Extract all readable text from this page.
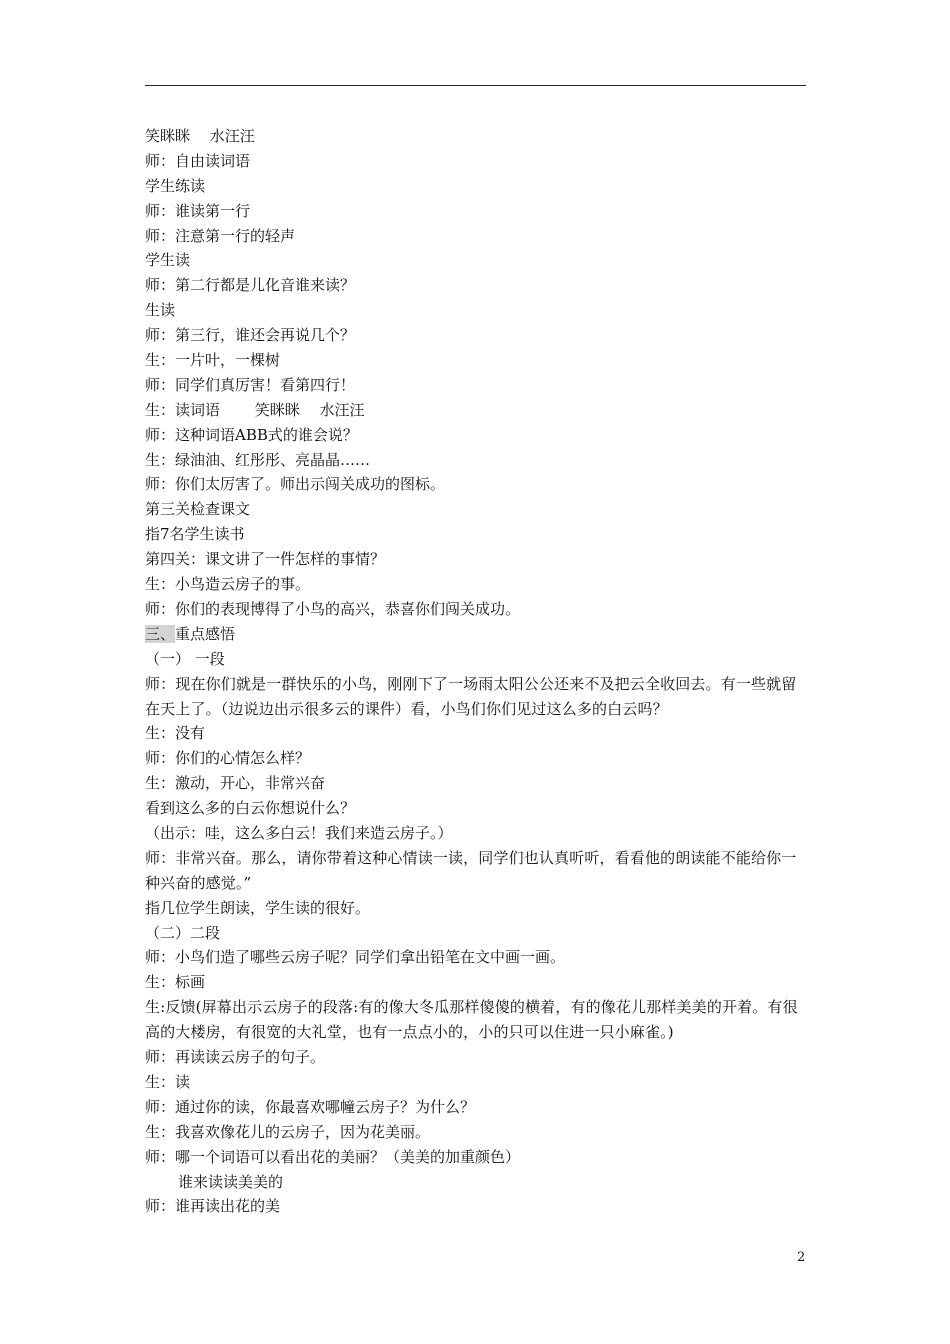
笑眯眯　 水汪汪
师：自由读词语
学生练读
师：谁读第一行
师：注意第一行的轻声
学生读
师：第二行都是儿化音谁来读？
生读
师：第三行，谁还会再说几个？
生：一片叶，一棵树
师：同学们真厉害！看第四行！
生：读词语　　 笑眯眯　 水汪汪
师：这种词语ABB式的谁会说？
生：绿油油、红彤彤、亮晶晶……
师：你们太厉害了。师出示闯关成功的图标。
第三关检查课文
指7名学生读书
第四关：课文讲了一件怎样的事情？
生：小鸟造云房子的事。
师：你们的表现博得了小鸟的高兴，恭喜你们闯关成功。
三、重点感悟
（一） 一段
师：现在你们就是一群快乐的小鸟，刚刚下了一场雨太阳公公还来不及把云全收回去。有一些就留在天上了。（边说边出示很多云的课件）看，小鸟们你们见过这么多的白云吗？
生：没有
师：你们的心情怎么样？
生：激动，开心，非常兴奋
看到这么多的白云你想说什么？
（出示：哇，这么多白云！我们来造云房子。）
师：非常兴奋。那么，请你带着这种心情读一读，同学们也认真听听，看看他的朗读能不能给你一种兴奋的感觉。”
指几位学生朗读，学生读的很好。
（二）二段
师：小鸟们造了哪些云房子呢？同学们拿出铅笔在文中画一画。
生：标画
生:反馈(屏幕出示云房子的段落:有的像大冬瓜那样傻傻的横着，有的像花儿那样美美的开着。有很高的大楼房，有很宽的大礼堂，也有一点点小的，小的只可以住进一只小麻雀。)
师：再读读云房子的句子。
生：读
师：通过你的读，你最喜欢哪幢云房子？为什么？
生：我喜欢像花儿的云房子，因为花美丽。
师：哪一个词语可以看出花的美丽？（美美的加重颜色）
谁来读读美美的
师：谁再读出花的美
2
